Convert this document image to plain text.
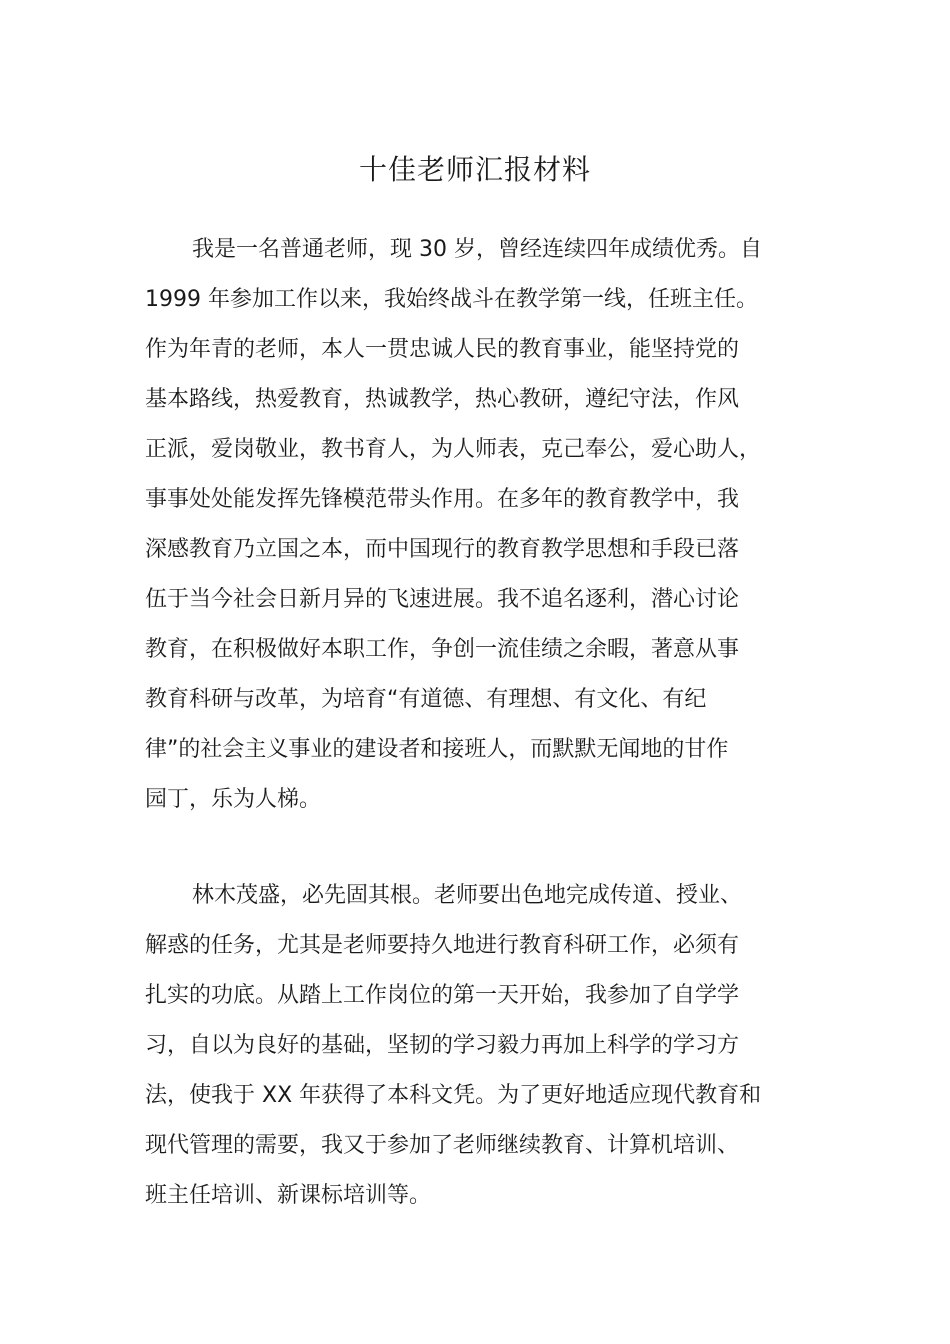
十佳老师汇报材料
我是一名普通老师，现 30 岁，曾经连续四年成绩优秀。自
1999 年参加工作以来，我始终战斗在教学第一线，任班主任。
作为年青的老师，本人一贯忠诚人民的教育事业，能坚持党的
基本路线，热爱教育，热诚教学，热心教研，遵纪守法，作风
正派，爱岗敬业，教书育人，为人师表，克己奉公，爱心助人，
事事处处能发挥先锋模范带头作用。在多年的教育教学中，我
深感教育乃立国之本，而中国现行的教育教学思想和手段已落
伍于当今社会日新月异的飞速进展。我不追名逐利，潜心讨论
教育，在积极做好本职工作，争创一流佳绩之余暇，著意从事
教育科研与改革，为培育“有道德、有理想、有文化、有纪
律”的社会主义事业的建设者和接班人，而默默无闻地的甘作
园丁，乐为人梯。
林木茂盛，必先固其根。老师要出色地完成传道、授业、
解惑的任务，尤其是老师要持久地进行教育科研工作，必须有
扎实的功底。从踏上工作岗位的第一天开始，我参加了自学学
习，自以为良好的基础，坚韧的学习毅力再加上科学的学习方
法，使我于 XX 年获得了本科文凭。为了更好地适应现代教育和
现代管理的需要，我又于参加了老师继续教育、计算机培训、
班主任培训、新课标培训等。
